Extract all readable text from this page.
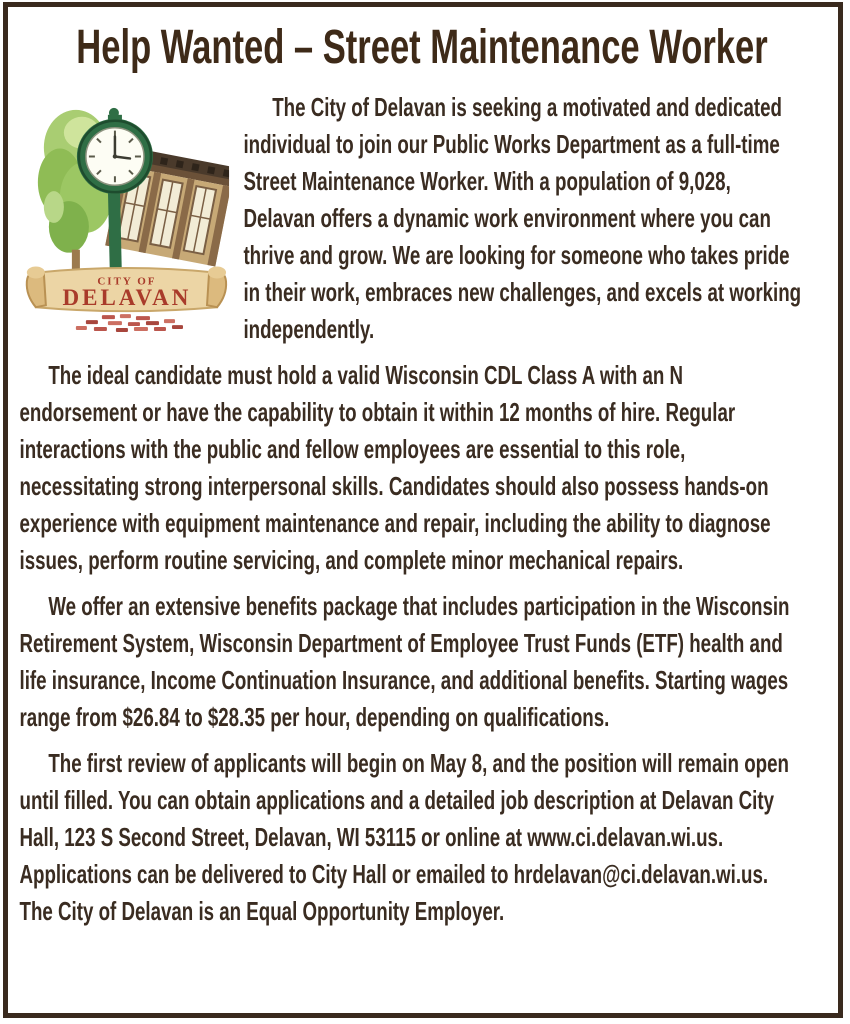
Help Wanted – Street Maintenance Worker
CITY OF
DELAVAN

The City of Delavan is seeking a motivated and dedicated individual to join our Public Works Department as a full-time Street Maintenance Worker. With a population of 9,028, Delavan offers a dynamic work environment where you can thrive and grow. We are looking for someone who takes pride in their work, embraces new challenges, and excels at working independently.

The ideal candidate must hold a valid Wisconsin CDL Class A with an N endorsement or have the capability to obtain it within 12 months of hire. Regular interactions with the public and fellow employees are essential to this role, necessitating strong interpersonal skills. Candidates should also possess hands-on experience with equipment maintenance and repair, including the ability to diagnose issues, perform routine servicing, and complete minor mechanical repairs.

We offer an extensive benefits package that includes participation in the Wisconsin Retirement System, Wisconsin Department of Employee Trust Funds (ETF) health and life insurance, Income Continuation Insurance, and additional benefits. Starting wages range from $26.84 to $28.35 per hour, depending on qualifications.

The first review of applicants will begin on May 8, and the position will remain open until filled. You can obtain applications and a detailed job description at Delavan City Hall, 123 S Second Street, Delavan, WI 53115 or online at www.ci.delavan.wi.us. Applications can be delivered to City Hall or emailed to hrdelavan@ci.delavan.wi.us. The City of Delavan is an Equal Opportunity Employer.
